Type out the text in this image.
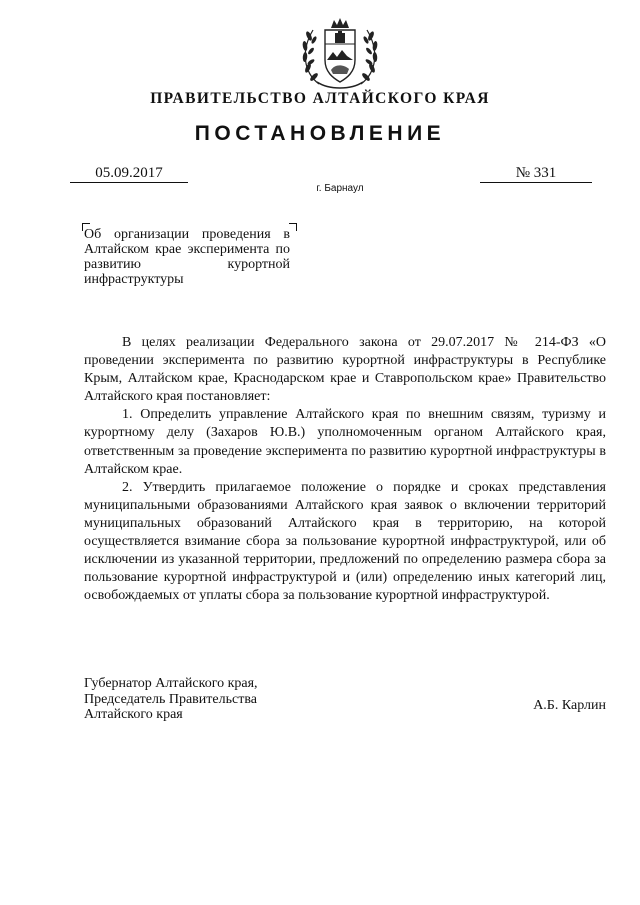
ПРАВИТЕЛЬСТВО АЛТАЙСКОГО КРАЯ
ПОСТАНОВЛЕНИЕ
05.09.2017	№ 331
г. Барнаул
Об организации проведения в Алтайском крае эксперимента по развитию курортной инфраструктуры

В целях реализации Федерального закона от 29.07.2017 № 214-ФЗ «О проведении эксперимента по развитию курортной инфраструктуры в Республике Крым, Алтайском крае, Краснодарском крае и Ставропольском крае» Правительство Алтайского края постановляет:

1. Определить управление Алтайского края по внешним связям, туризму и курортному делу (Захаров Ю.В.) уполномоченным органом Алтайского края, ответственным за проведение эксперимента по развитию курортной инфраструктуры в Алтайском крае.

2. Утвердить прилагаемое положение о порядке и сроках представления муниципальными образованиями Алтайского края заявок о включении территорий муниципальных образований Алтайского края в территорию, на которой осуществляется взимание сбора за пользование курортной инфраструктурой, или об исключении из указанной территории, предложений по определению размера сбора за пользование курортной инфраструктурой и (или) определению иных категорий лиц, освобождаемых от уплаты сбора за пользование курортной инфраструктурой.

Губернатор Алтайского края,
Председатель Правительства
Алтайского края
А.Б. Карлин
